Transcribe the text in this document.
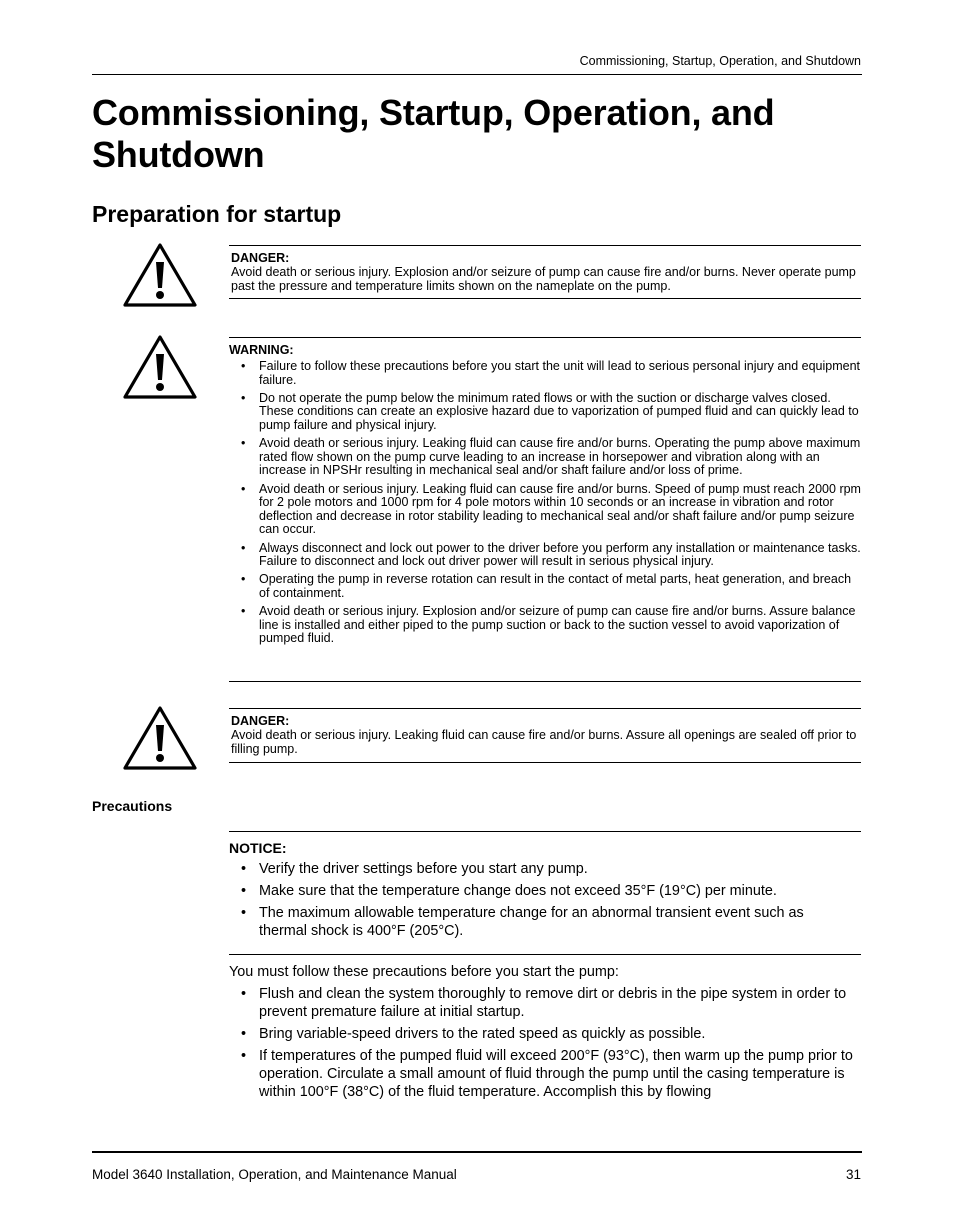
Commissioning, Startup, Operation, and Shutdown
Commissioning, Startup, Operation, and Shutdown
Preparation for startup
DANGER:
Avoid death or serious injury. Explosion and/or seizure of pump can cause fire and/or burns. Never operate pump past the pressure and temperature limits shown on the nameplate on the pump.
WARNING:
• Failure to follow these precautions before you start the unit will lead to serious personal injury and equipment failure.
• Do not operate the pump below the minimum rated flows or with the suction or discharge valves closed. These conditions can create an explosive hazard due to vaporization of pumped fluid and can quickly lead to pump failure and physical injury.
• Avoid death or serious injury. Leaking fluid can cause fire and/or burns. Operating the pump above maximum rated flow shown on the pump curve leading to an increase in horsepower and vibration along with an increase in NPSHr resulting in mechanical seal and/or shaft failure and/or loss of prime.
• Avoid death or serious injury. Leaking fluid can cause fire and/or burns. Speed of pump must reach 2000 rpm for 2 pole motors and 1000 rpm for 4 pole motors within 10 seconds or an increase in vibration and rotor deflection and decrease in rotor stability leading to mechanical seal and/or shaft failure and/or pump seizure can occur.
• Always disconnect and lock out power to the driver before you perform any installation or maintenance tasks. Failure to disconnect and lock out driver power will result in serious physical injury.
• Operating the pump in reverse rotation can result in the contact of metal parts, heat generation, and breach of containment.
• Avoid death or serious injury. Explosion and/or seizure of pump can cause fire and/or burns. Assure balance line is installed and either piped to the pump suction or back to the suction vessel to avoid vaporization of pumped fluid.
DANGER:
Avoid death or serious injury. Leaking fluid can cause fire and/or burns. Assure all openings are sealed off prior to filling pump.
Precautions
NOTICE:
• Verify the driver settings before you start any pump.
• Make sure that the temperature change does not exceed 35°F (19°C) per minute.
• The maximum allowable temperature change for an abnormal transient event such as thermal shock is 400°F (205°C).
You must follow these precautions before you start the pump:
• Flush and clean the system thoroughly to remove dirt or debris in the pipe system in order to prevent premature failure at initial startup.
• Bring variable-speed drivers to the rated speed as quickly as possible.
• If temperatures of the pumped fluid will exceed 200°F (93°C), then warm up the pump prior to operation. Circulate a small amount of fluid through the pump until the casing temperature is within 100°F (38°C) of the fluid temperature. Accomplish this by flowing
Model 3640 Installation, Operation, and Maintenance Manual	31
